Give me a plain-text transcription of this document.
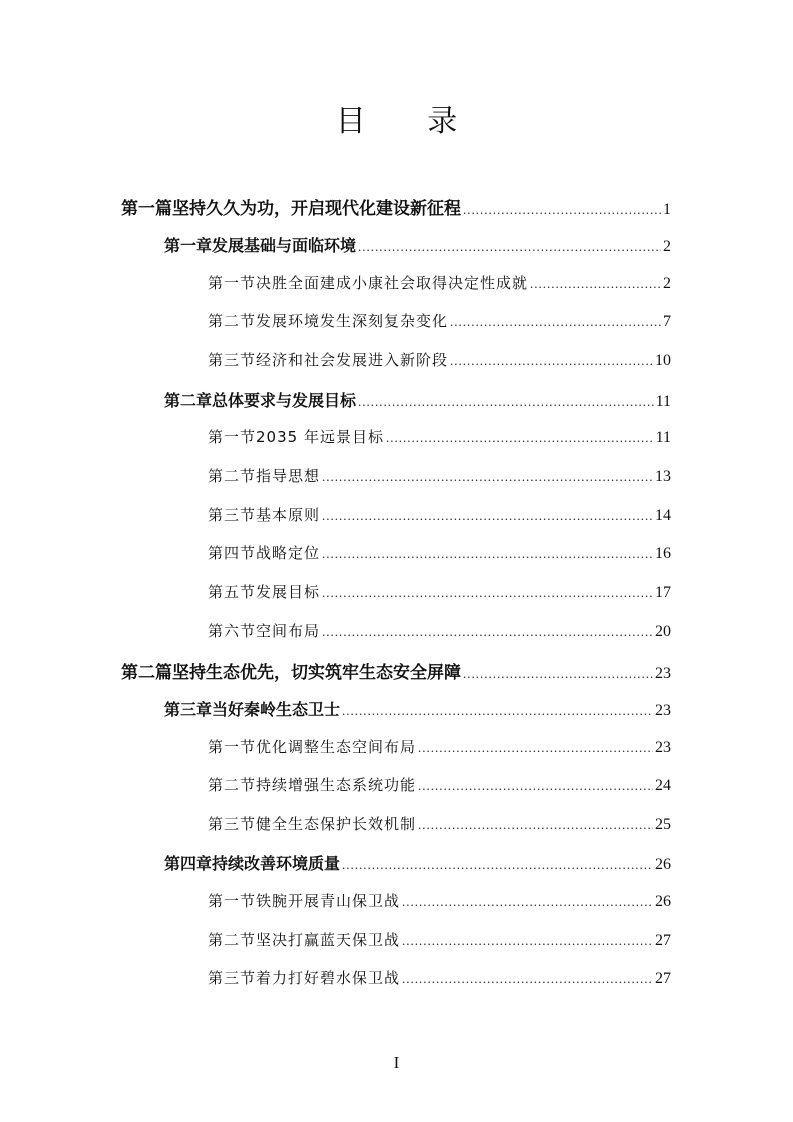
目 录
第一篇 坚持久久为功，开启现代化建设新征程 .....	1
第一章 发展基础与面临环境 .....	2
第一节 决胜全面建成小康社会取得决定性成就 .....	2
第二节 发展环境发生深刻复杂变化 .....	7
第三节 经济和社会发展进入新阶段 .....	10
第二章 总体要求与发展目标 .....	11
第一节 2035 年远景目标 .....	11
第二节 指导思想 .....	13
第三节 基本原则 .....	14
第四节 战略定位 .....	16
第五节 发展目标 .....	17
第六节 空间布局 .....	20
第二篇 坚持生态优先，切实筑牢生态安全屏障 .....	23
第三章 当好秦岭生态卫士 .....	23
第一节 优化调整生态空间布局 .....	23
第二节 持续增强生态系统功能 .....	24
第三节 健全生态保护长效机制 .....	25
第四章 持续改善环境质量 .....	26
第一节 铁腕开展青山保卫战 .....	26
第二节 坚决打赢蓝天保卫战 .....	27
第三节 着力打好碧水保卫战 .....	27
I
